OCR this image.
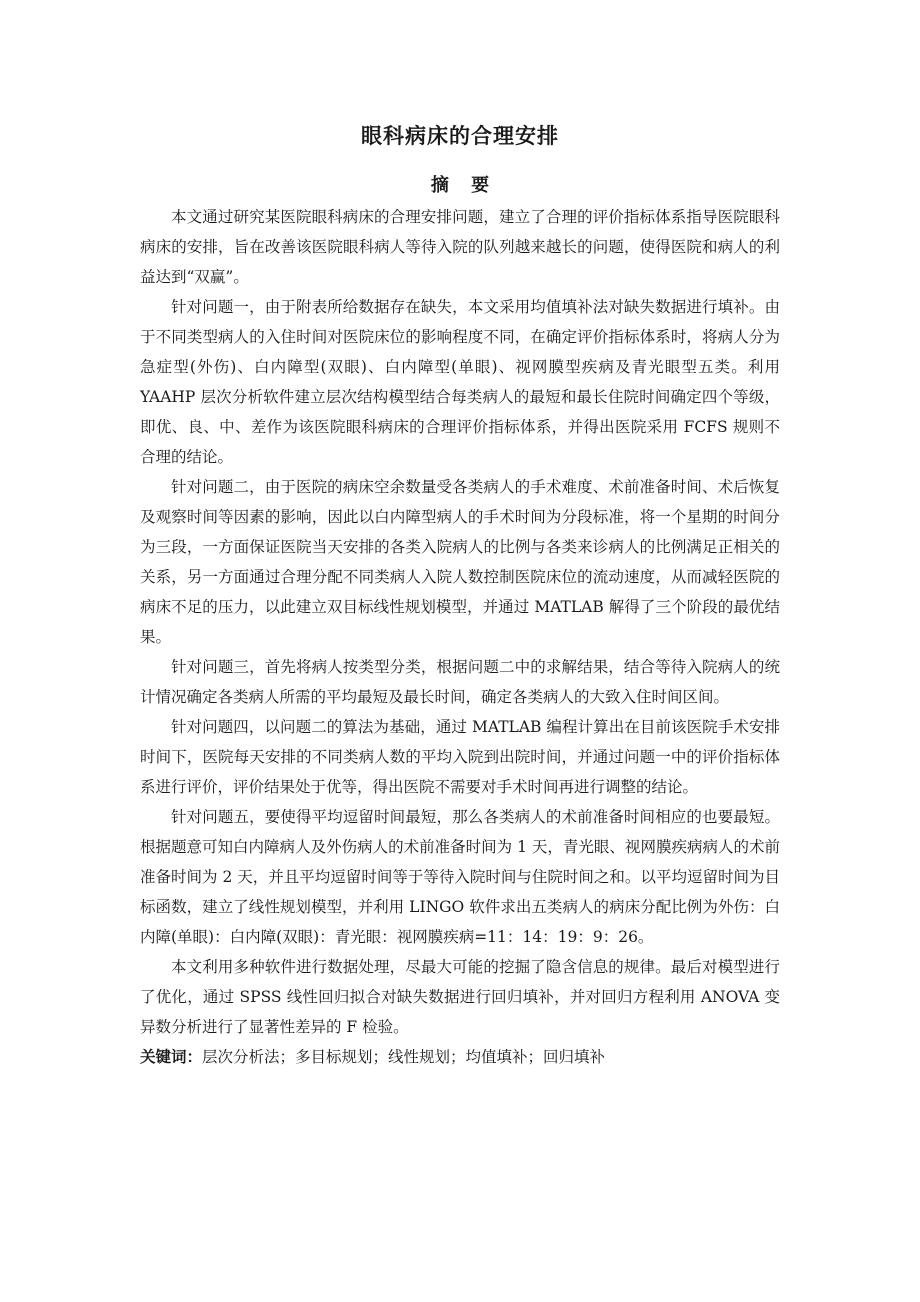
眼科病床的合理安排
摘 要

本文通过研究某医院眼科病床的合理安排问题，建立了合理的评价指标体系指导医院眼科病床的安排，旨在改善该医院眼科病人等待入院的队列越来越长的问题，使得医院和病人的利益达到“双赢”。

针对问题一，由于附表所给数据存在缺失，本文采用均值填补法对缺失数据进行填补。由于不同类型病人的入住时间对医院床位的影响程度不同，在确定评价指标体系时，将病人分为急症型(外伤)、白内障型(双眼)、白内障型(单眼)、视网膜型疾病及青光眼型五类。利用 YAAHP 层次分析软件建立层次结构模型结合每类病人的最短和最长住院时间确定四个等级，即优、良、中、差作为该医院眼科病床的合理评价指标体系，并得出医院采用 FCFS 规则不合理的结论。

针对问题二，由于医院的病床空余数量受各类病人的手术难度、术前准备时间、术后恢复及观察时间等因素的影响，因此以白内障型病人的手术时间为分段标准，将一个星期的时间分为三段，一方面保证医院当天安排的各类入院病人的比例与各类来诊病人的比例满足正相关的关系，另一方面通过合理分配不同类病人入院人数控制医院床位的流动速度，从而减轻医院的病床不足的压力，以此建立双目标线性规划模型，并通过 MATLAB 解得了三个阶段的最优结果。

针对问题三，首先将病人按类型分类，根据问题二中的求解结果，结合等待入院病人的统计情况确定各类病人所需的平均最短及最长时间，确定各类病人的大致入住时间区间。

针对问题四，以问题二的算法为基础，通过 MATLAB 编程计算出在目前该医院手术安排时间下，医院每天安排的不同类病人数的平均入院到出院时间，并通过问题一中的评价指标体系进行评价，评价结果处于优等，得出医院不需要对手术时间再进行调整的结论。

针对问题五，要使得平均逗留时间最短，那么各类病人的术前准备时间相应的也要最短。根据题意可知白内障病人及外伤病人的术前准备时间为 1 天，青光眼、视网膜疾病病人的术前准备时间为 2 天，并且平均逗留时间等于等待入院时间与住院时间之和。以平均逗留时间为目标函数，建立了线性规划模型，并利用 LINGO 软件求出五类病人的病床分配比例为外伤：白内障(单眼)：白内障(双眼)：青光眼：视网膜疾病=11：14：19：9：26。

本文利用多种软件进行数据处理，尽最大可能的挖掘了隐含信息的规律。最后对模型进行了优化，通过 SPSS 线性回归拟合对缺失数据进行回归填补，并对回归方程利用 ANOVA 变异数分析进行了显著性差异的 F 检验。

关键词：层次分析法；多目标规划；线性规划；均值填补；回归填补
